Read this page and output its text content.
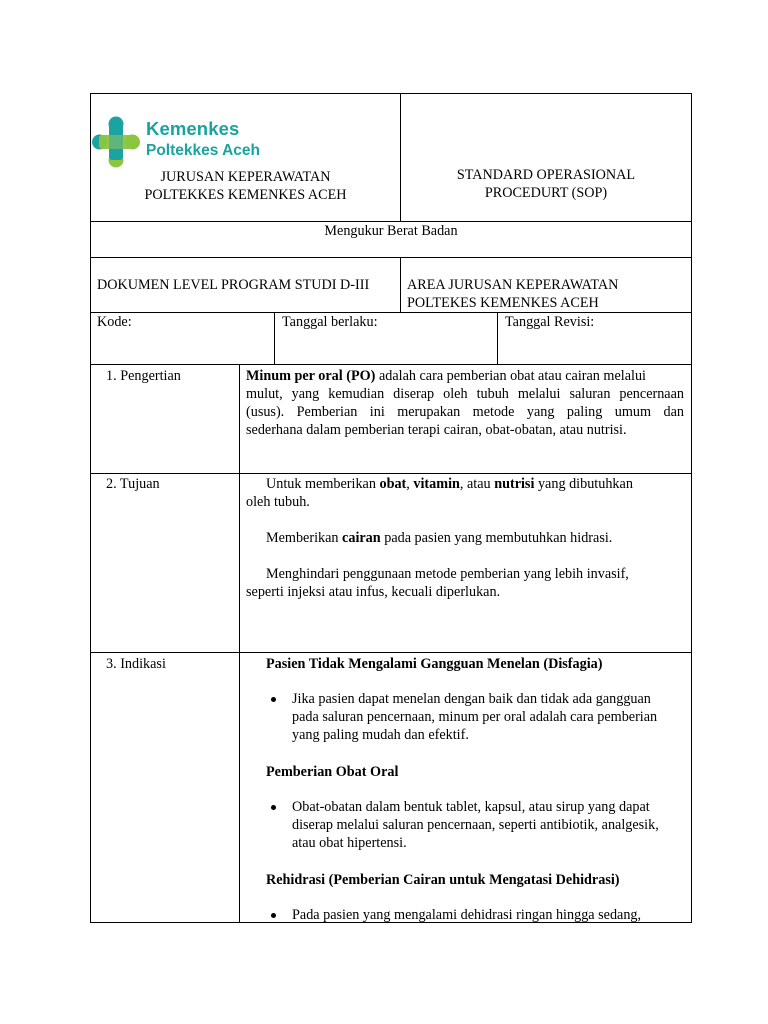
Kemenkes
Poltekkes Aceh
JURUSAN KEPERAWATAN
POLTEKKES KEMENKES ACEH
STANDARD OPERASIONAL
PROCEDURT (SOP)
Mengukur Berat Badan
DOKUMEN LEVEL PROGRAM STUDI D-III	AREA JURUSAN KEPERAWATAN
POLTEKES KEMENKES ACEH
Kode:	Tanggal berlaku:	Tanggal Revisi:
1. Pengertian	Minum per oral (PO) adalah cara pemberian obat atau cairan melalui
mulut, yang kemudian diserap oleh tubuh melalui saluran pencernaan
(usus). Pemberian ini merupakan metode yang paling umum dan
sederhana dalam pemberian terapi cairan, obat-obatan, atau nutrisi.
2. Tujuan	Untuk memberikan obat, vitamin, atau nutrisi yang dibutuhkan
oleh tubuh.
Memberikan cairan pada pasien yang membutuhkan hidrasi.
Menghindari penggunaan metode pemberian yang lebih invasif,
seperti injeksi atau infus, kecuali diperlukan.
3. Indikasi	Pasien Tidak Mengalami Gangguan Menelan (Disfagia)
Jika pasien dapat menelan dengan baik dan tidak ada gangguan
pada saluran pencernaan, minum per oral adalah cara pemberian
yang paling mudah dan efektif.
Pemberian Obat Oral
Obat-obatan dalam bentuk tablet, kapsul, atau sirup yang dapat
diserap melalui saluran pencernaan, seperti antibiotik, analgesik,
atau obat hipertensi.
Rehidrasi (Pemberian Cairan untuk Mengatasi Dehidrasi)
Pada pasien yang mengalami dehidrasi ringan hingga sedang,
